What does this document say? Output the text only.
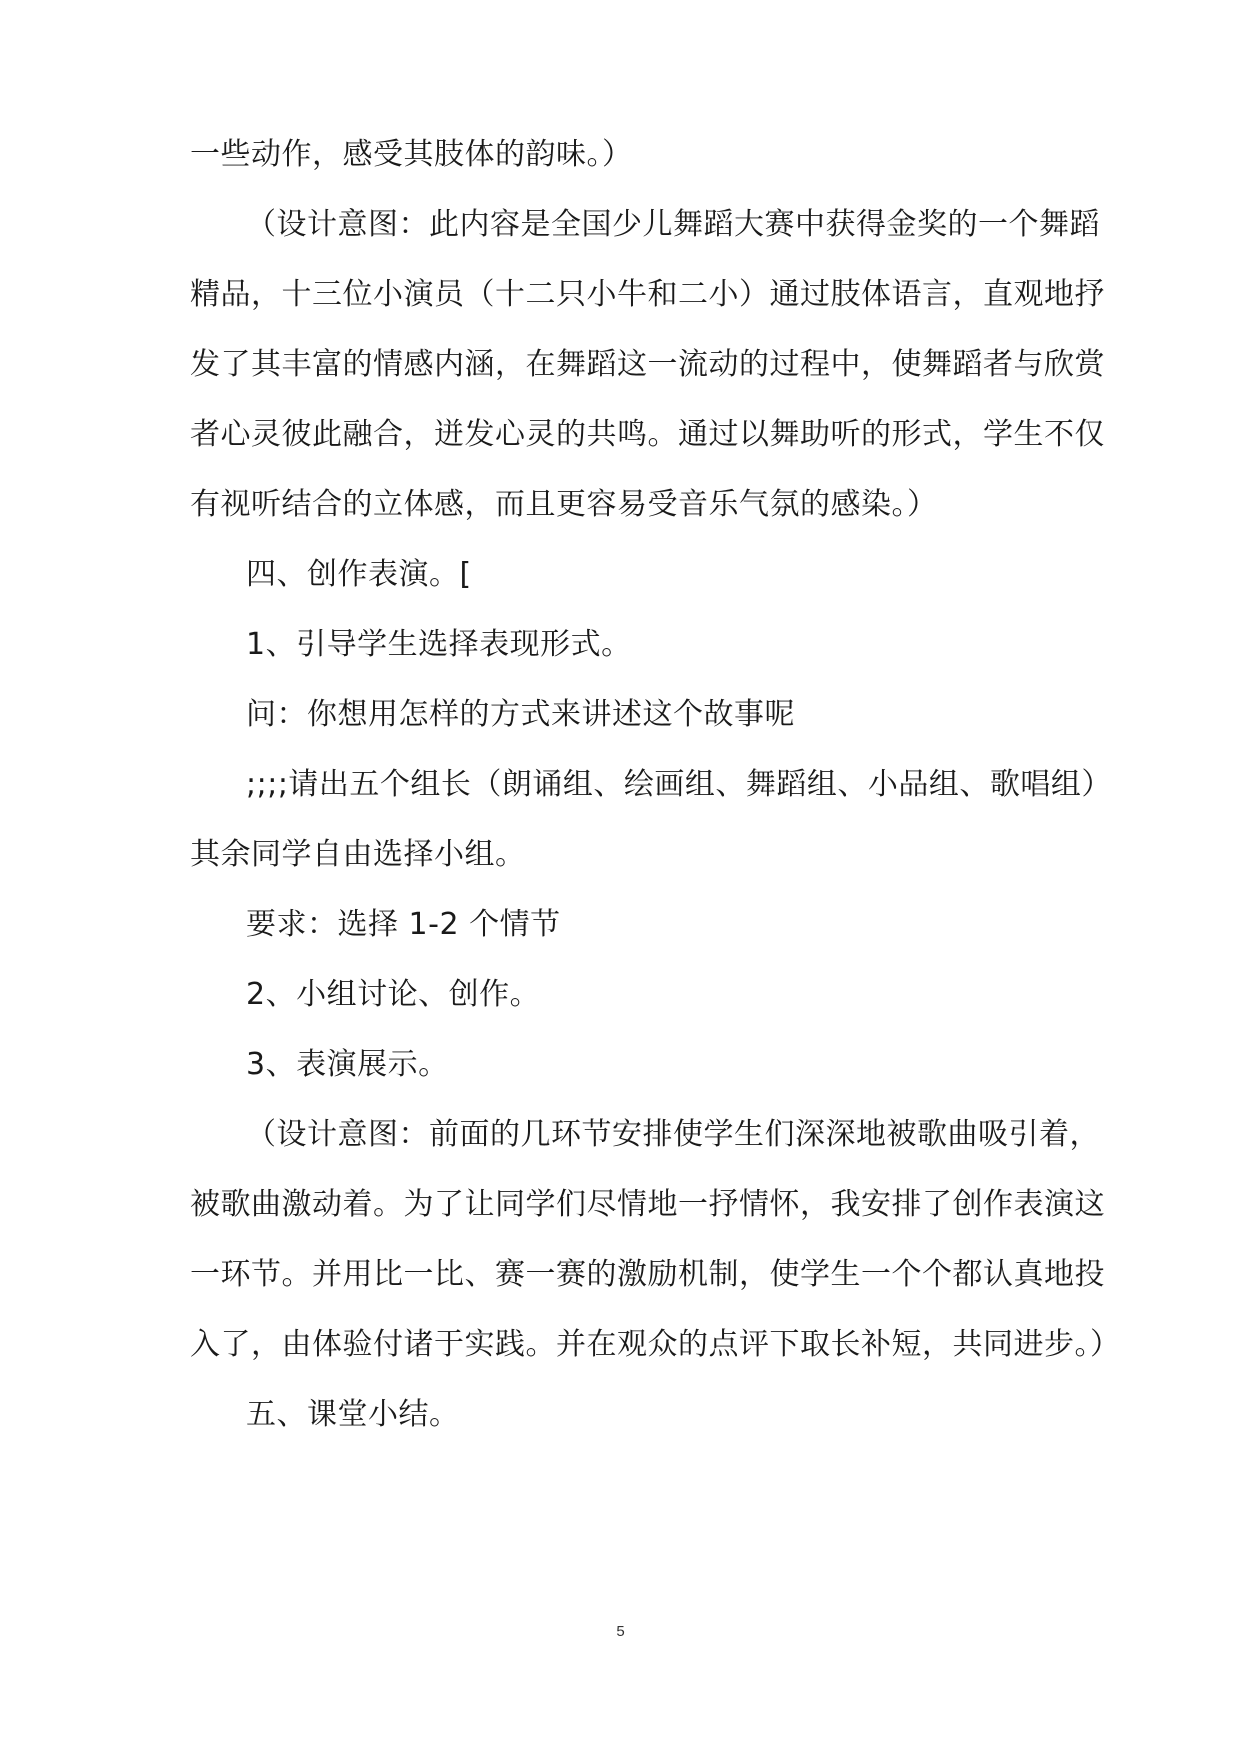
一些动作，感受其肢体的韵味。）
（设计意图：此内容是全国少儿舞蹈大赛中获得金奖的一个舞蹈
精品，十三位小演员（十二只小牛和二小）通过肢体语言，直观地抒
发了其丰富的情感内涵，在舞蹈这一流动的过程中，使舞蹈者与欣赏
者心灵彼此融合，迸发心灵的共鸣。通过以舞助听的形式，学生不仅
有视听结合的立体感，而且更容易受音乐气氛的感染。）
四、创作表演。[
1、引导学生选择表现形式。
问：你想用怎样的方式来讲述这个故事呢
;;;;请出五个组长（朗诵组、绘画组、舞蹈组、小品组、歌唱组）
其余同学自由选择小组。
要求：选择 1-2 个情节
2、小组讨论、创作。
3、表演展示。
（设计意图：前面的几环节安排使学生们深深地被歌曲吸引着，
被歌曲激动着。为了让同学们尽情地一抒情怀，我安排了创作表演这
一环节。并用比一比、赛一赛的激励机制，使学生一个个都认真地投
入了，由体验付诸于实践。并在观众的点评下取长补短，共同进步。）
五、课堂小结。
5
